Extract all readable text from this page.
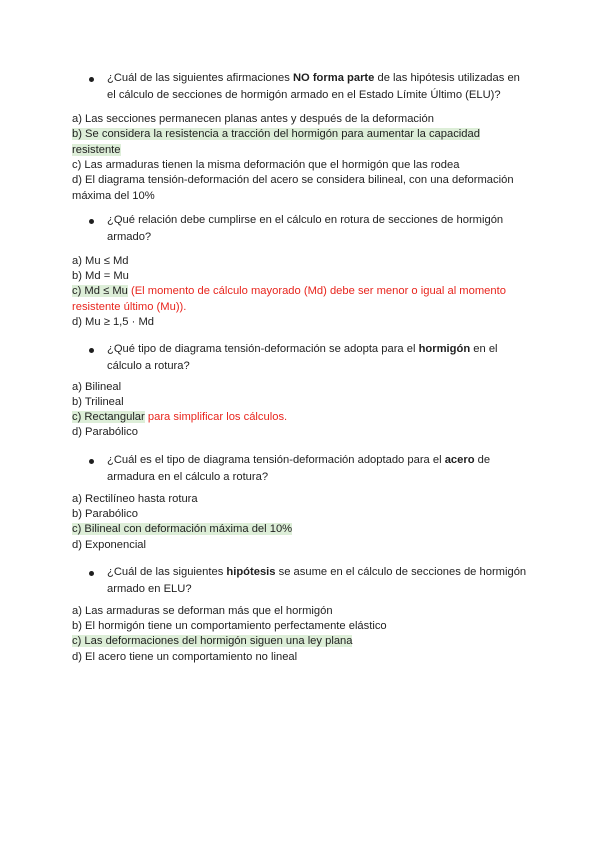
¿Cuál de las siguientes afirmaciones NO forma parte de las hipótesis utilizadas en
el cálculo de secciones de hormigón armado en el Estado Límite Último (ELU)?
a) Las secciones permanecen planas antes y después de la deformación
b) Se considera la resistencia a tracción del hormigón para aumentar la capacidad
resistente
c) Las armaduras tienen la misma deformación que el hormigón que las rodea
d) El diagrama tensión-deformación del acero se considera bilineal, con una deformación
máxima del 10%
¿Qué relación debe cumplirse en el cálculo en rotura de secciones de hormigón
armado?
a) Mu ≤ Md
b) Md = Mu
c) Md ≤ Mu (El momento de cálculo mayorado (Md) debe ser menor o igual al momento
resistente último (Mu)).
d) Mu ≥ 1,5 · Md
¿Qué tipo de diagrama tensión-deformación se adopta para el hormigón en el
cálculo a rotura?
a) Bilineal
b) Trilineal
c) Rectangular para simplificar los cálculos.
d) Parabólico
¿Cuál es el tipo de diagrama tensión-deformación adoptado para el acero de
armadura en el cálculo a rotura?
a) Rectilíneo hasta rotura
b) Parabólico
c) Bilineal con deformación máxima del 10%
d) Exponencial
¿Cuál de las siguientes hipótesis se asume en el cálculo de secciones de hormigón
armado en ELU?
a) Las armaduras se deforman más que el hormigón
b) El hormigón tiene un comportamiento perfectamente elástico
c) Las deformaciones del hormigón siguen una ley plana
d) El acero tiene un comportamiento no lineal
